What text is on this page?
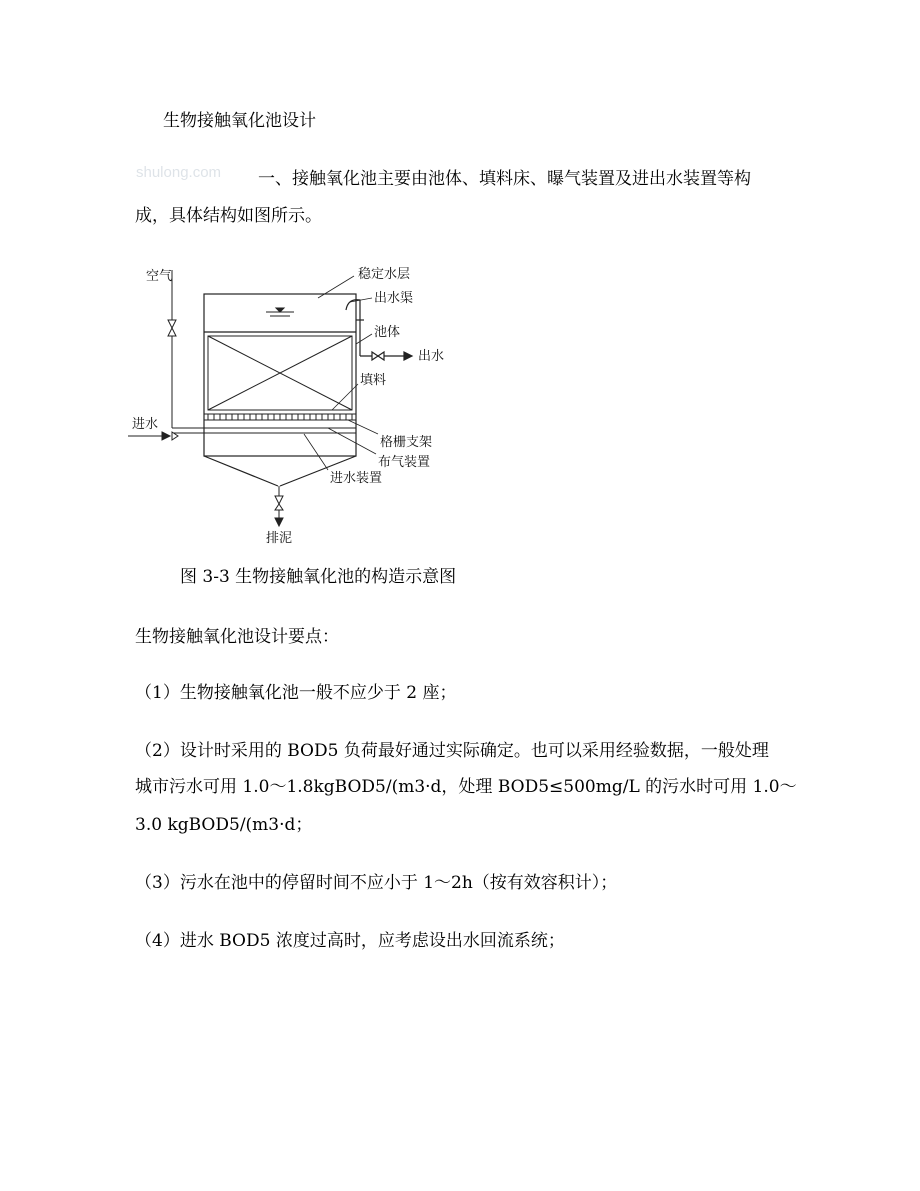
生物接触氧化池设计
shulong.com 一、接触氧化池主要由池体、填料床、曝气装置及进出水装置等构
成，具体结构如图所示。
空气
进水
排泥
稳定水层
出水渠
池体
出水
填料
格栅支架
布气装置
进水装置
图 3-3 生物接触氧化池的构造示意图
生物接触氧化池设计要点：
（1）生物接触氧化池一般不应少于 2 座；
（2）设计时采用的 BOD5 负荷最好通过实际确定。也可以采用经验数据，一般处理
城市污水可用 1.0～1.8kgBOD5/(m3·d，处理 BOD5≤500mg/L 的污水时可用 1.0～
3.0 kgBOD5/(m3·d；
（3）污水在池中的停留时间不应小于 1～2h（按有效容积计）；
（4）进水 BOD5 浓度过高时，应考虑设出水回流系统；
